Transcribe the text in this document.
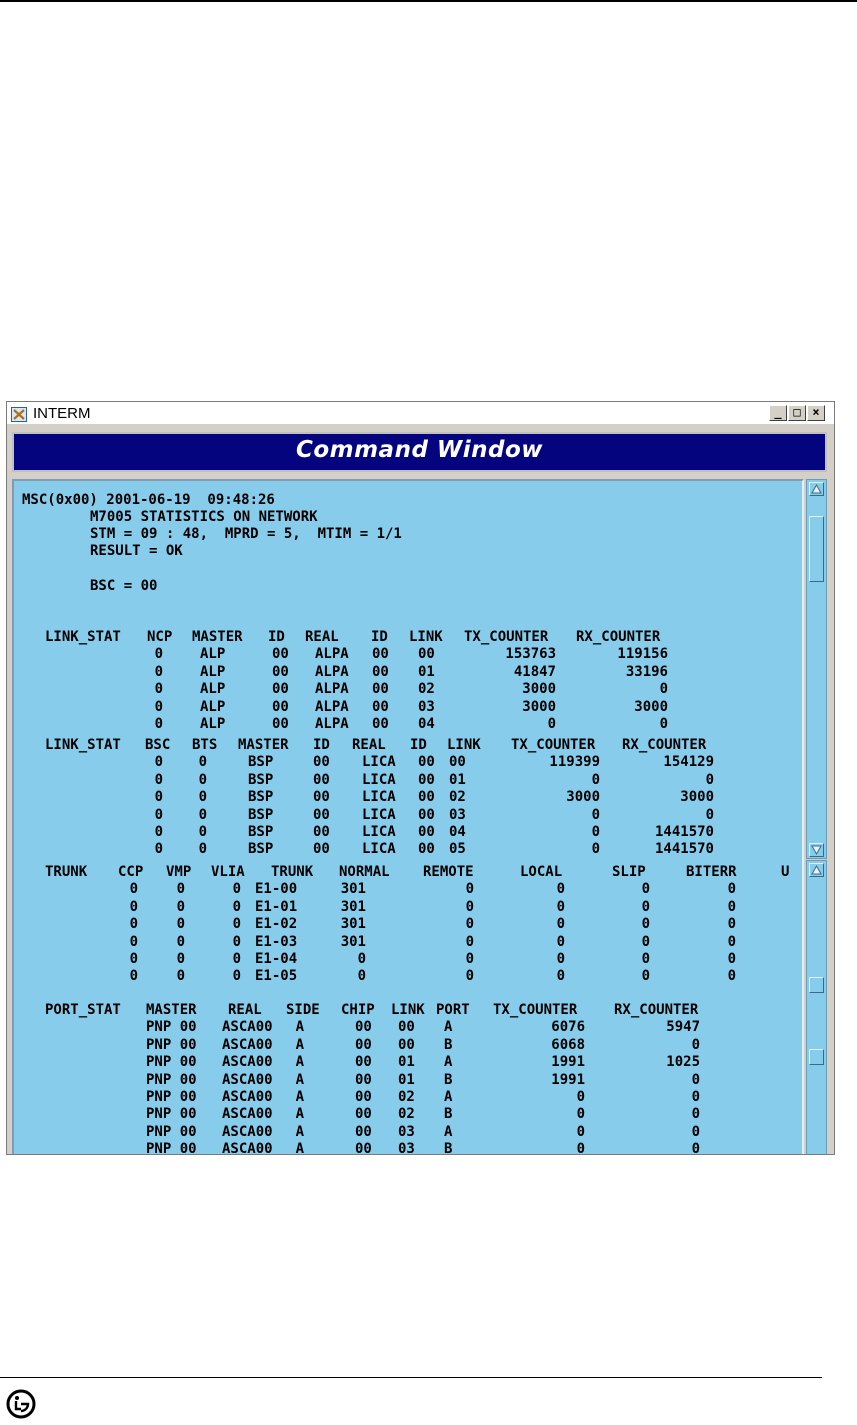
INTERM	_ □ ×
Command Window

MSC(0x00) 2001-06-19  09:48:26

M7005 STATISTICS ON NETWORK

STM = 09 : 48,  MPRD = 5,  MTIM = 1/1

RESULT = OK

BSC = 00

LINK_STAT NCP MASTER ID REAL ID LINK TX_COUNTER RX_COUNTER
0	ALP	00 ALPA 00 00	153763	119156
0	ALP	00 ALPA 00 01	41847	33196
0	ALP	00 ALPA 00 02	3000	0
0	ALP	00 ALPA 00 03	3000	3000
0	ALP	00 ALPA 00 04	0	0
LINK_STAT BSC BTS MASTER ID REAL ID LINK TX_COUNTER RX_COUNTER
0	0	BSP	00 LICA 00 00	119399	154129
0	0	BSP	00 LICA 00 01	0	0
0	0	BSP	00 LICA 00 02	3000	3000
0	0	BSP	00 LICA 00 03	0	0
0	0	BSP	00 LICA 00 04	0	1441570
0	0	BSP	00 LICA 00 05	0	1441570
TRUNK CCP VMP VLIA TRUNK NORMAL REMOTE	LOCAL	SLIP	BITERR	U
0	0	0 E1-00	301	0	0	0	0
0	0	0 E1-01	301	0	0	0	0
0	0	0 E1-02	301	0	0	0	0
0	0	0 E1-03	301	0	0	0	0
0	0	0 E1-04	0	0	0	0	0
0	0	0 E1-05	0	0	0	0	0
PORT_STAT MASTER REAL SIDE CHIP LINK PORT TX_COUNTER	RX_COUNTER
PNP 00 ASCA00 A	00 00 A	6076	5947
PNP 00 ASCA00 A	00 00 B	6068	0
PNP 00 ASCA00 A	00 01 A	1991	1025
PNP 00 ASCA00 A	00 01 B	1991	0
PNP 00 ASCA00 A	00 02 A	0	0
PNP 00 ASCA00 A	00 02 B	0	0
PNP 00 ASCA00 A	00 03 A	0	0
PNP 00 ASCA00 A	00 03 B	0	0
